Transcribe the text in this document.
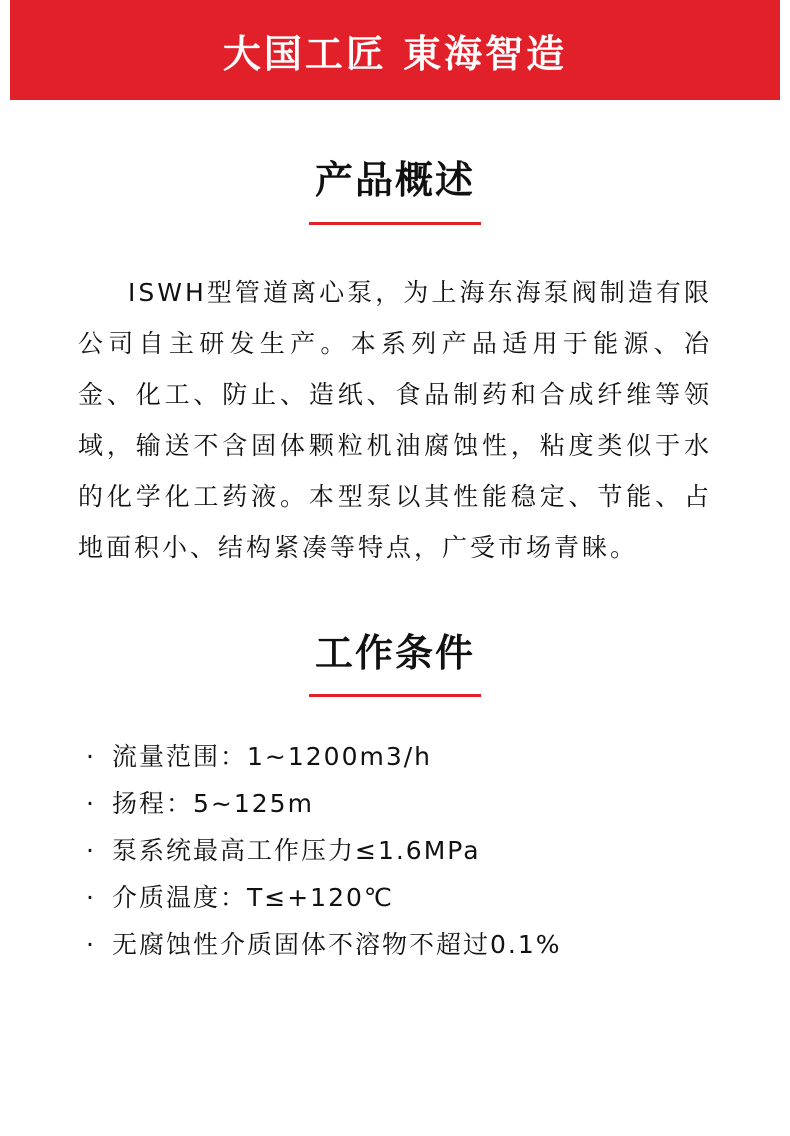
大国工匠 東海智造
产品概述
ISWH型管道离心泵，为上海东海泵阀制造有限公司自主研发生产。本系列产品适用于能源、冶金、化工、防止、造纸、食品制药和合成纤维等领域，输送不含固体颗粒机油腐蚀性，粘度类似于水的化学化工药液。本型泵以其性能稳定、节能、占地面积小、结构紧凑等特点，广受市场青睐。
工作条件
· 流量范围：1~1200m3/h
· 扬程：5~125m
· 泵系统最高工作压力≤1.6MPa
· 介质温度：T≤+120℃
· 无腐蚀性介质固体不溶物不超过0.1%
